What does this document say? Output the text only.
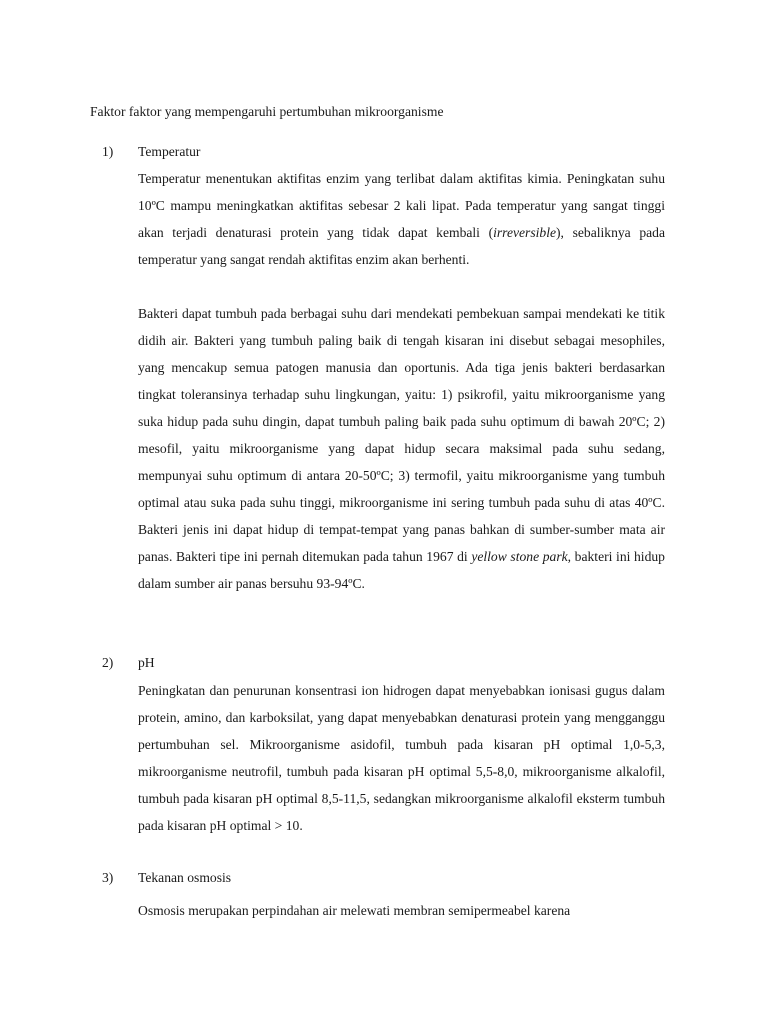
Faktor faktor yang mempengaruhi pertumbuhan mikroorganisme
1) Temperatur

Temperatur menentukan aktifitas enzim yang terlibat dalam aktifitas kimia. Peningkatan suhu 10ºC mampu meningkatkan aktifitas sebesar 2 kali lipat. Pada temperatur yang sangat tinggi akan terjadi denaturasi protein yang tidak dapat kembali (irreversible), sebaliknya pada temperatur yang sangat rendah aktifitas enzim akan berhenti.

Bakteri dapat tumbuh pada berbagai suhu dari mendekati pembekuan sampai mendekati ke titik didih air. Bakteri yang tumbuh paling baik di tengah kisaran ini disebut sebagai mesophiles, yang mencakup semua patogen manusia dan oportunis. Ada tiga jenis bakteri berdasarkan tingkat toleransinya terhadap suhu lingkungan, yaitu: 1) psikrofil, yaitu mikroorganisme yang suka hidup pada suhu dingin, dapat tumbuh paling baik pada suhu optimum di bawah 20ºC; 2) mesofil, yaitu mikroorganisme yang dapat hidup secara maksimal pada suhu sedang, mempunyai suhu optimum di antara 20-50ºC; 3) termofil, yaitu mikroorganisme yang tumbuh optimal atau suka pada suhu tinggi, mikroorganisme ini sering tumbuh pada suhu di atas 40ºC. Bakteri jenis ini dapat hidup di tempat-tempat yang panas bahkan di sumber-sumber mata air panas. Bakteri tipe ini pernah ditemukan pada tahun 1967 di yellow stone park, bakteri ini hidup dalam sumber air panas bersuhu 93-94ºC.

2) pH

Peningkatan dan penurunan konsentrasi ion hidrogen dapat menyebabkan ionisasi gugus dalam protein, amino, dan karboksilat, yang dapat menyebabkan denaturasi protein yang mengganggu pertumbuhan sel. Mikroorganisme asidofil, tumbuh pada kisaran pH optimal 1,0-5,3, mikroorganisme neutrofil, tumbuh pada kisaran pH optimal 5,5-8,0, mikroorganisme alkalofil, tumbuh pada kisaran pH optimal 8,5-11,5, sedangkan mikroorganisme alkalofil eksterm tumbuh pada kisaran pH optimal > 10.

3) Tekanan osmosis

Osmosis merupakan perpindahan air melewati membran semipermeabel karena
